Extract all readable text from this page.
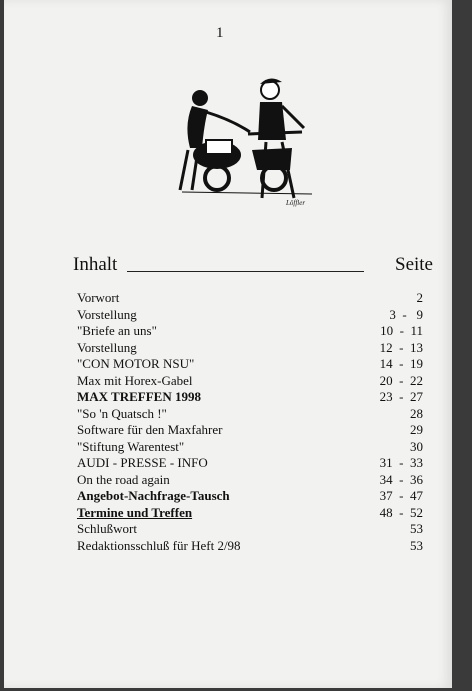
1
Löffler
Inhalt	Seite
Vorwort	2
Vorstellung	3  -   9
"Briefe an uns"	10  -  11
Vorstellung	12  -  13
"CON MOTOR NSU"	14  -  19
Max mit Horex-Gabel	20  -  22
MAX TREFFEN 1998	23  -  27
"So 'n Quatsch !"	28
Software für den Maxfahrer	29
"Stiftung Warentest"	30
AUDI - PRESSE - INFO	31  -  33
On the road again	34  -  36
Angebot-Nachfrage-Tausch	37  -  47
Termine und Treffen	48  -  52
Schlußwort	53
Redaktionsschluß für Heft 2/98	53
